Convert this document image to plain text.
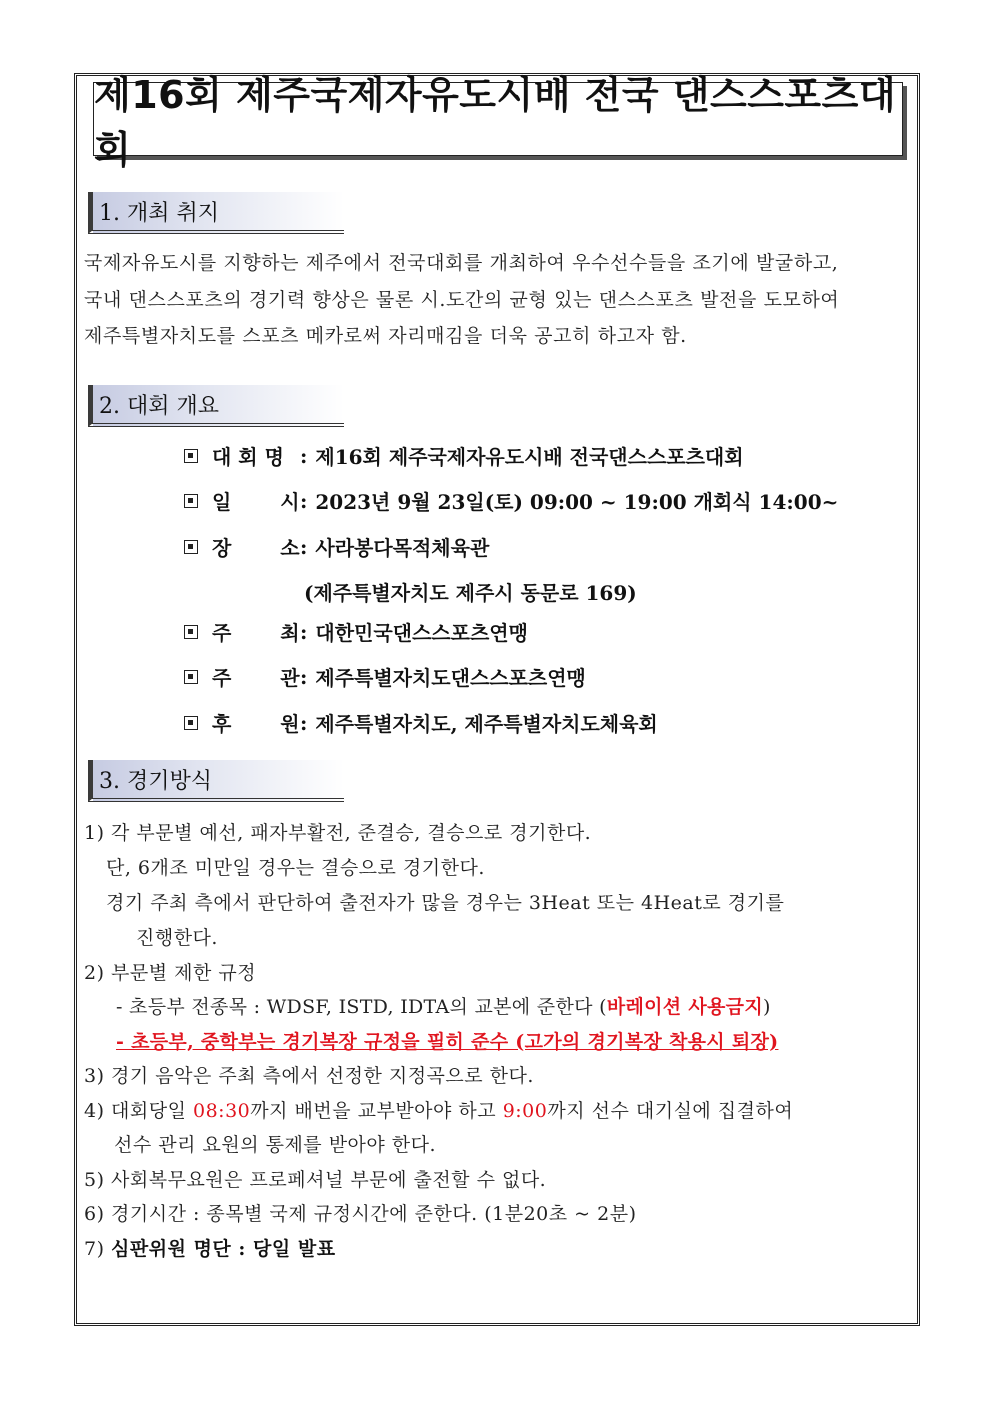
제16회 제주국제자유도시배 전국 댄스스포츠대회
1. 개최 취지
국제자유도시를 지향하는 제주에서 전국대회를 개최하여 우수선수들을 조기에 발굴하고,
국내 댄스스포츠의 경기력 향상은 물론 시.도간의 균형 있는 댄스스포츠 발전을 도모하여
제주특별자치도를 스포츠 메카로써 자리매김을 더욱 공고히 하고자 함.
2. 대회 개요
대 회 명 : 제16회 제주국제자유도시배 전국댄스스포츠대회
일 시 : 2023년 9월 23일(토) 09:00 ~ 19:00 개회식 14:00~
장 소 : 사라봉다목적체육관
(제주특별자치도 제주시 동문로 169)
주 최 : 대한민국댄스스포츠연맹
주 관 : 제주특별자치도댄스스포츠연맹
후 원 : 제주특별자치도, 제주특별자치도체육회
3. 경기방식
1) 각 부문별 예선, 패자부활전, 준결승, 결승으로 경기한다.
단, 6개조 미만일 경우는 결승으로 경기한다.
경기 주최 측에서 판단하여 출전자가 많을 경우는 3Heat 또는 4Heat로 경기를
진행한다.
2) 부문별 제한 규정
- 초등부 전종목 : WDSF, ISTD, IDTA의 교본에 준한다 (바레이션 사용금지)
- 초등부, 중학부는 경기복장 규정을 필히 준수 (고가의 경기복장 착용시 퇴장)
3) 경기 음악은 주최 측에서 선정한 지정곡으로 한다.
4) 대회당일 08:30까지 배번을 교부받아야 하고 9:00까지 선수 대기실에 집결하여
선수 관리 요원의 통제를 받아야 한다.
5) 사회복무요원은 프로페셔널 부문에 출전할 수 없다.
6) 경기시간 : 종목별 국제 규정시간에 준한다. (1분20초 ~ 2분)
7) 심판위원 명단 : 당일 발표
